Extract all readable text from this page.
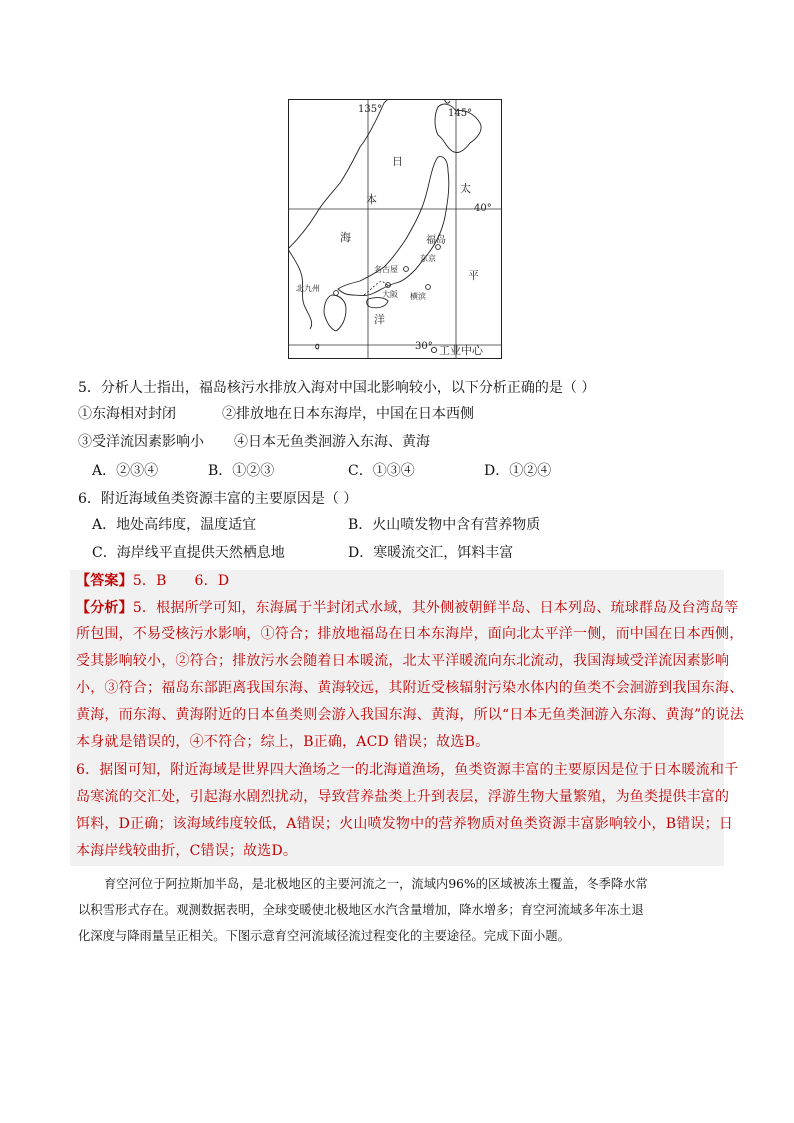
135°	145°
40°
30°
日
本
海
太
平
洋
福岛
东京
名古屋
横滨
大阪
北九州
工业中心
5．分析人士指出，福岛核污水排放入海对中国北影响较小，以下分析正确的是（ ）
①东海相对封闭	②排放地在日本东海岸，中国在日本西侧
③受洋流因素影响小 ④日本无鱼类洄游入东海、黄海
A．②③④	B．①②③	C．①③④	D．①②④
6．附近海域鱼类资源丰富的主要原因是（ ）
A．地处高纬度，温度适宜	B．火山喷发物中含有营养物质
C．海岸线平直提供天然栖息地	D．寒暖流交汇，饵料丰富
【答案】5．B      6．D
【分析】5．根据所学可知，东海属于半封闭式水域，其外侧被朝鲜半岛、日本列岛、琉球群岛及台湾岛等
所包围，不易受核污水影响，①符合；排放地福岛在日本东海岸，面向北太平洋一侧，而中国在日本西侧，
受其影响较小，②符合；排放污水会随着日本暖流，北太平洋暖流向东北流动，我国海域受洋流因素影响
小，③符合；福岛东部距离我国东海、黄海较远，其附近受核辐射污染水体内的鱼类不会洄游到我国东海、
黄海，而东海、黄海附近的日本鱼类则会游入我国东海、黄海，所以“日本无鱼类洄游入东海、黄海”的说法
本身就是错误的，④不符合；综上，B正确，ACD 错误；故选B。
6．据图可知，附近海域是世界四大渔场之一的北海道渔场，鱼类资源丰富的主要原因是位于日本暖流和千
岛寒流的交汇处，引起海水剧烈扰动，导致营养盐类上升到表层，浮游生物大量繁殖，为鱼类提供丰富的
饵料，D正确；该海域纬度较低，A错误；火山喷发物中的营养物质对鱼类资源丰富影响较小，B错误；日
本海岸线较曲折，C错误；故选D。
育空河位于阿拉斯加半岛，是北极地区的主要河流之一，流域内96%的区域被冻土覆盖，冬季降水常
以积雪形式存在。观测数据表明，全球变暖使北极地区水汽含量增加，降水增多；育空河流域多年冻土退
化深度与降雨量呈正相关。下图示意育空河流域径流过程变化的主要途径。完成下面小题。
